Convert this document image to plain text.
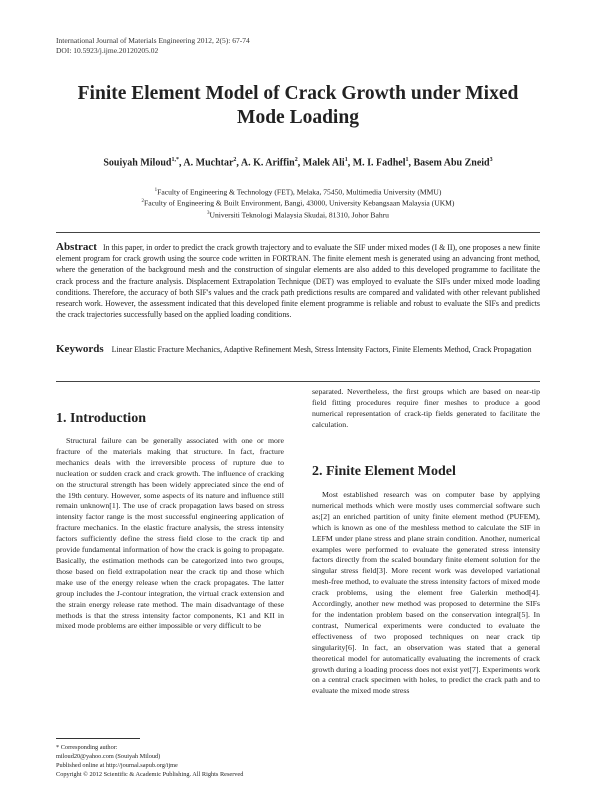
International Journal of Materials Engineering 2012, 2(5): 67-74
DOI: 10.5923/j.ijme.20120205.02
Finite Element Model of Crack Growth under Mixed
Mode Loading
Souiyah Miloud$^{1,*}$, A. Muchtar$^2$, A. K. Ariffin$^2$, Malek Ali$^1$, M. I. Fadhel$^1$, Basem Abu Zneid$^3$
$^1$Faculty of Engineering & Technology (FET), Melaka, 75450, Multimedia University (MMU)
$^2$Faculty of Engineering & Built Environment, Bangi, 43000, University Kebangsaan Malaysia (UKM)
$^3$Universiti Teknologi Malaysia Skudai, 81310, Johor Bahru
Abstract In this paper, in order to predict the crack growth trajectory and to evaluate the SIF under mixed modes (I & II), one proposes a new finite element program for crack growth using the source code written in FORTRAN. The finite element mesh is generated using an advancing front method, where the generation of the background mesh and the construction of singular elements are also added to this developed programme to facilitate the crack process and the fracture analysis. Displacement Extrapolation Technique (DET) was employed to evaluate the SIFs under mixed mode loading conditions. Therefore, the accuracy of both SIF's values and the crack path predictions results are compared and validated with other relevant published research work. However, the assessment indicated that this developed finite element programme is reliable and robust to evaluate the SIFs and predicts the crack trajectories successfully based on the applied loading conditions.
Keywords Linear Elastic Fracture Mechanics, Adaptive Refinement Mesh, Stress Intensity Factors, Finite Elements Method, Crack Propagation
1. Introduction

Structural failure can be generally associated with one or more fracture of the materials making that structure. In fact, fracture mechanics deals with the irreversible process of rupture due to nucleation or sudden crack and crack growth. The influence of cracking on the structural strength has been widely appreciated since the end of the 19th century. However, some aspects of its nature and influence still remain unknown[1]. The use of crack propagation laws based on stress intensity factor range is the most successful engineering application of fracture mechanics. In the elastic fracture analysis, the stress intensity factors sufficiently define the stress field close to the crack tip and provide fundamental information of how the crack is going to propagate. Basically, the estimation methods can be categorized into two groups, those based on field extrapolation near the crack tip and those which make use of the energy release when the crack propagates. The latter group includes the J-contour integration, the virtual crack extension and the strain energy release rate method. The main disadvantage of these methods is that the stress intensity factor components, K1 and KII in mixed mode problems are either impossible or very difficult to be

* Corresponding author:
miloud20@yahoo.com (Souiyah Miloud)
Published online at http://journal.sapub.org/ijme
Copyright © 2012 Scientific & Academic Publishing. All Rights Reserved

separated. Nevertheless, the first groups which are based on near-tip field fitting procedures require finer meshes to produce a good numerical representation of crack-tip fields generated to facilitate the calculation.

2. Finite Element Model

Most established research was on computer base by applying numerical methods which were mostly uses commercial software such as;[2] an enriched partition of unity finite element method (PUFEM), which is known as one of the meshless method to calculate the SIF in LEFM under plane stress and plane strain condition. Another, numerical examples were performed to evaluate the generated stress intensity factors directly from the scaled boundary finite element solution for the singular stress field[3]. More recent work was developed variational mesh-free method, to evaluate the stress intensity factors of mixed mode crack problems, using the element free Galerkin method[4]. Accordingly, another new method was proposed to determine the SIFs for the indentation problem based on the conservation integral[5]. In contrast, Numerical experiments were conducted to evaluate the effectiveness of two proposed techniques on near crack tip singularity[6]. In fact, an observation was stated that a general theoretical model for automatically evaluating the increments of crack growth during a loading process does not exist yet[7]. Experiments work on a central crack specimen with holes, to predict the crack path and to evaluate the mixed mode stress
